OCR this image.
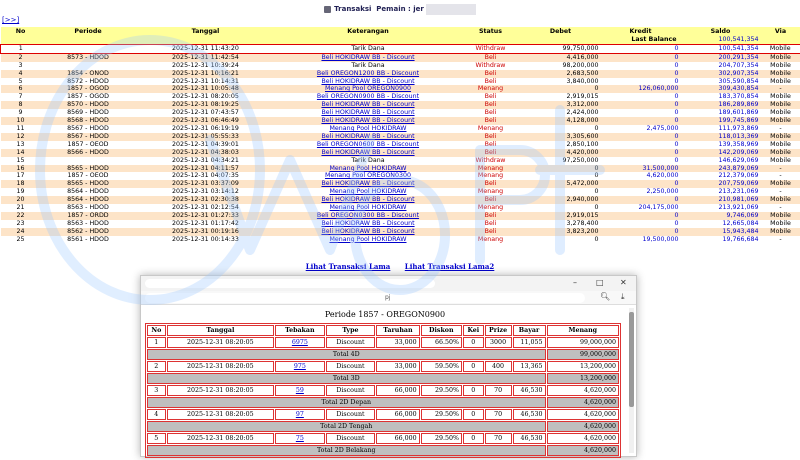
Transaksi Pemain : jer
[>>]
No	Periode	Tanggal	Keterangan	Status	Debet	Kredit	Saldo	Via
Last Balance							100,541,354	
1		2025-12-31 11:43:20	Tarik Dana	Withdraw	99,750,000	0	100,541,354	Mobile
2	8573 - HDOD	2025-12-31 11:42:54	Beli HOKIDRAW BB - Discount	Beli	4,416,000	0	200,291,354	Mobile
3		2025-12-31 10:39:24	Tarik Dana	Withdraw	98,200,000	0	204,707,354	Mobile
4	1854 - ONOD	2025-12-31 10:16:21	Beli OREGON1200 BB - Discount	Beli	2,683,500	0	302,907,354	Mobile
5	8572 - HDOD	2025-12-31 10:14:31	Beli HOKIDRAW BB - Discount	Beli	3,840,000	0	305,590,854	Mobile
6	1857 - OGOD	2025-12-31 10:05:48	Menang Pool OREGON0900	Menang	0	126,060,000	309,430,854	-
7	1857 - OGOD	2025-12-31 08:20:05	Beli OREGON0900 BB - Discount	Beli	2,919,015	0	183,370,854	Mobile
8	8570 - HDOD	2025-12-31 08:19:25	Beli HOKIDRAW BB - Discount	Beli	3,312,000	0	186,289,869	Mobile
9	8569 - HDOD	2025-12-31 07:43:57	Beli HOKIDRAW BB - Discount	Beli	2,424,000	0	189,601,869	Mobile
10	8568 - HDOD	2025-12-31 06:46:49	Beli HOKIDRAW BB - Discount	Beli	4,128,000	0	199,745,869	Mobile
11	8567 - HDOD	2025-12-31 06:19:19	Menang Pool HOKIDRAW	Menang	0	2,475,000	111,973,869	-
12	8567 - HDOD	2025-12-31 05:55:33	Beli HOKIDRAW BB - Discount	Beli	3,305,600	0	118,013,369	Mobile
13	1857 - OEOD	2025-12-31 04:39:01	Beli OREGON0600 BB - Discount	Beli	2,850,100	0	139,358,969	Mobile
14	8566 - HDOD	2025-12-31 04:38:03	Beli HOKIDRAW BB - Discount	Beli	4,420,000	0	142,209,069	Mobile
15		2025-12-31 04:34:21	Tarik Dana	Withdraw	97,250,000	0	146,629,069	Mobile
16	8565 - HDOD	2025-12-31 04:11:57	Menang Pool HOKIDRAW	Menang	0	31,500,000	243,879,069	-
17	1857 - OEOD	2025-12-31 04:07:35	Menang Pool OREGON0300	Menang	0	4,620,000	212,379,069	-
18	8565 - HDOD	2025-12-31 03:37:09	Beli HOKIDRAW BB - Discount	Beli	5,472,000	0	207,759,069	Mobile
19	8564 - HDOD	2025-12-31 03:14:12	Menang Pool HOKIDRAW	Menang	0	2,250,000	213,231,069	-
20	8564 - HDOD	2025-12-31 02:30:38	Beli HOKIDRAW BB - Discount	Beli	2,940,000	0	210,981,069	Mobile
21	8563 - HDOD	2025-12-31 02:12:54	Menang Pool HOKIDRAW	Menang	0	204,175,000	213,921,069	-
22	1857 - ORDD	2025-12-31 01:27:33	Beli OREGON0300 BB - Discount	Beli	2,919,015	0	9,746,069	Mobile
23	8563 - HDOD	2025-12-31 01:17:42	Beli HOKIDRAW BB - Discount	Beli	3,278,400	0	12,665,084	Mobile
24	8562 - HDOD	2025-12-31 00:19:16	Beli HOKIDRAW BB - Discount	Beli	3,823,200	0	15,943,484	Mobile
25	8561 - HDOD	2025-12-31 00:14:33	Menang Pool HOKIDRAW	Menang	0	19,500,000	19,766,684	-
Lihat Transaksi Lama Lihat Transaksi Lama2
– □ ✕
pj	🔍︎ ⤓
Periode 1857 - OREGON0900
No	Tanggal	Tebakan	Type	Taruhan	Diskon	Kei	Prize	Bayar	Menang
1	2025-12-31 08:20:05	6975	Discount	33,000	66.50%	0	3000	11,055	99,000,000
Total 4D									99,000,000
2	2025-12-31 08:20:05	975	Discount	33,000	59.50%	0	400	13,365	13,200,000
Total 3D									13,200,000
3	2025-12-31 08:20:05	59	Discount	66,000	29.50%	0	70	46,530	4,620,000
Total 2D Depan									4,620,000
4	2025-12-31 08:20:05	97	Discount	66,000	29.50%	0	70	46,530	4,620,000
Total 2D Tengah									4,620,000
5	2025-12-31 08:20:05	75	Discount	66,000	29.50%	0	70	46,530	4,620,000
Total 2D Belakang									4,620,000
